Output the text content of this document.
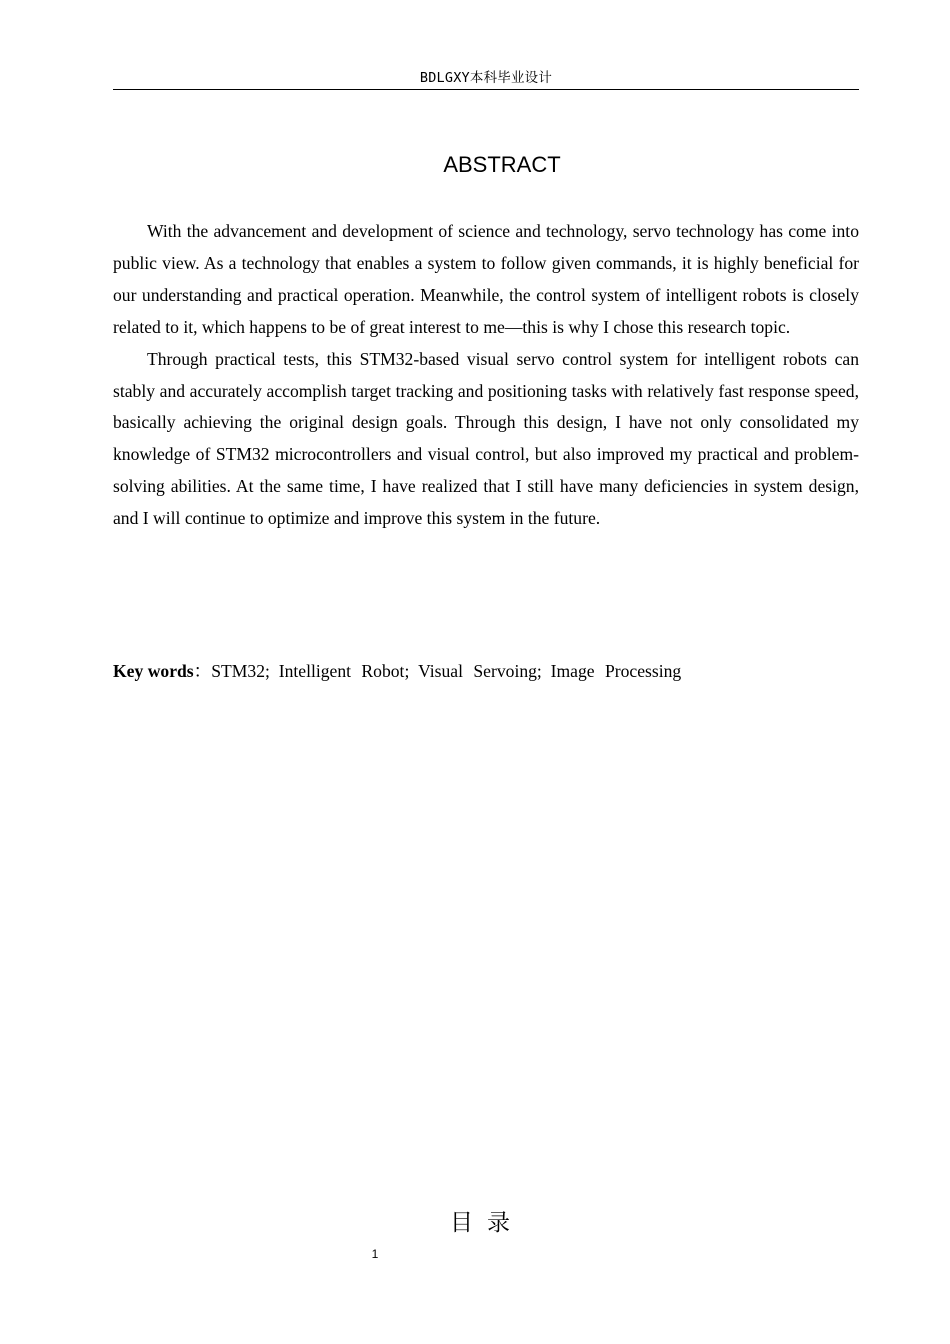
BDLGXY本科毕业设计
ABSTRACT

With the advancement and development of science and technology, servo technology has come into public view. As a technology that enables a system to follow given commands, it is highly beneficial for our understanding and practical operation. Meanwhile, the control system of intelligent robots is closely related to it, which happens to be of great interest to me—this is why I chose this research topic.

Through practical tests, this STM32-based visual servo control system for intelligent robots can stably and accurately accomplish target tracking and positioning tasks with relatively fast response speed, basically achieving the original design goals. Through this design, I have not only consolidated my knowledge of STM32 microcontrollers and visual control, but also improved my practical and problem-solving abilities. At the same time, I have realized that I still have many deficiencies in system design, and I will continue to optimize and improve this system in the future.

Key words：STM32; Intelligent Robot; Visual Servoing; Image Processing
目录
1
